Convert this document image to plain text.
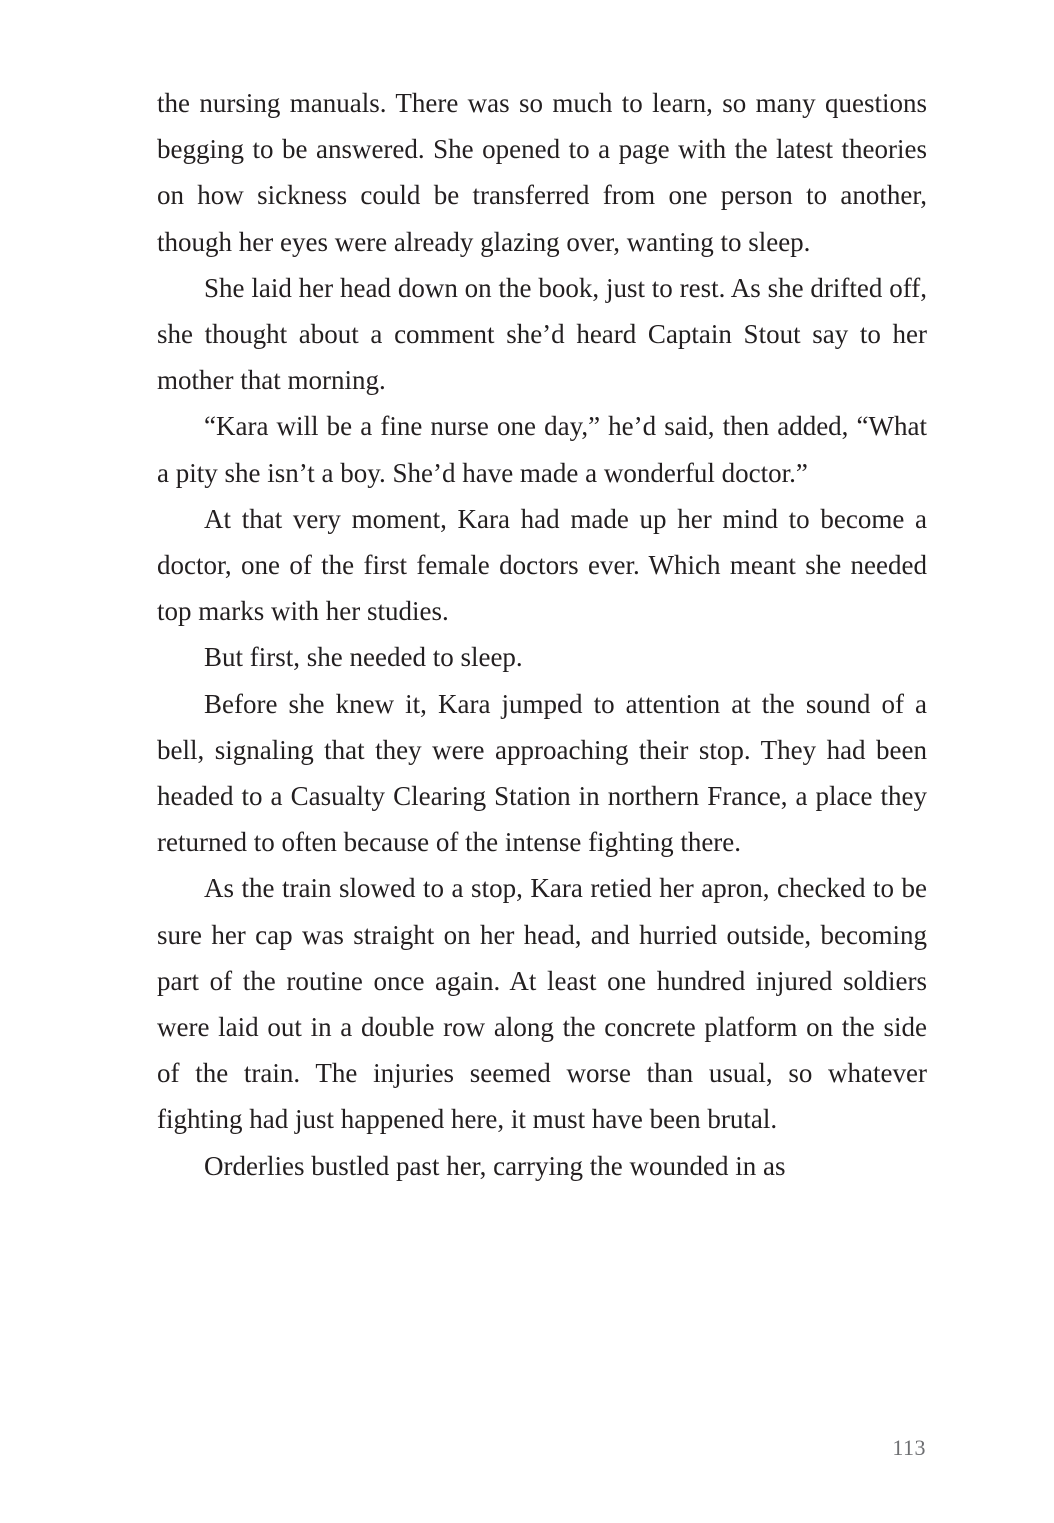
the nursing manuals. There was so much to learn, so many questions begging to be answered. She opened to a page with the latest theories on how sickness could be transferred from one person to another, though her eyes were already glazing over, wanting to sleep.

She laid her head down on the book, just to rest. As she drifted off, she thought about a comment she’d heard Captain Stout say to her mother that morning.

“Kara will be a fine nurse one day,” he’d said, then added, “What a pity she isn’t a boy. She’d have made a wonderful doctor.”

At that very moment, Kara had made up her mind to become a doctor, one of the first female doctors ever. Which meant she needed top marks with her studies.

But first, she needed to sleep.

Before she knew it, Kara jumped to attention at the sound of a bell, signaling that they were approaching their stop. They had been headed to a Casualty Clearing Station in northern France, a place they returned to often because of the intense fighting there.

As the train slowed to a stop, Kara retied her apron, checked to be sure her cap was straight on her head, and hurried outside, becoming part of the routine once again. At least one hundred injured soldiers were laid out in a double row along the concrete platform on the side of the train. The injuries seemed worse than usual, so whatever fighting had just happened here, it must have been brutal.

Orderlies bustled past her, carrying the wounded in as

113
